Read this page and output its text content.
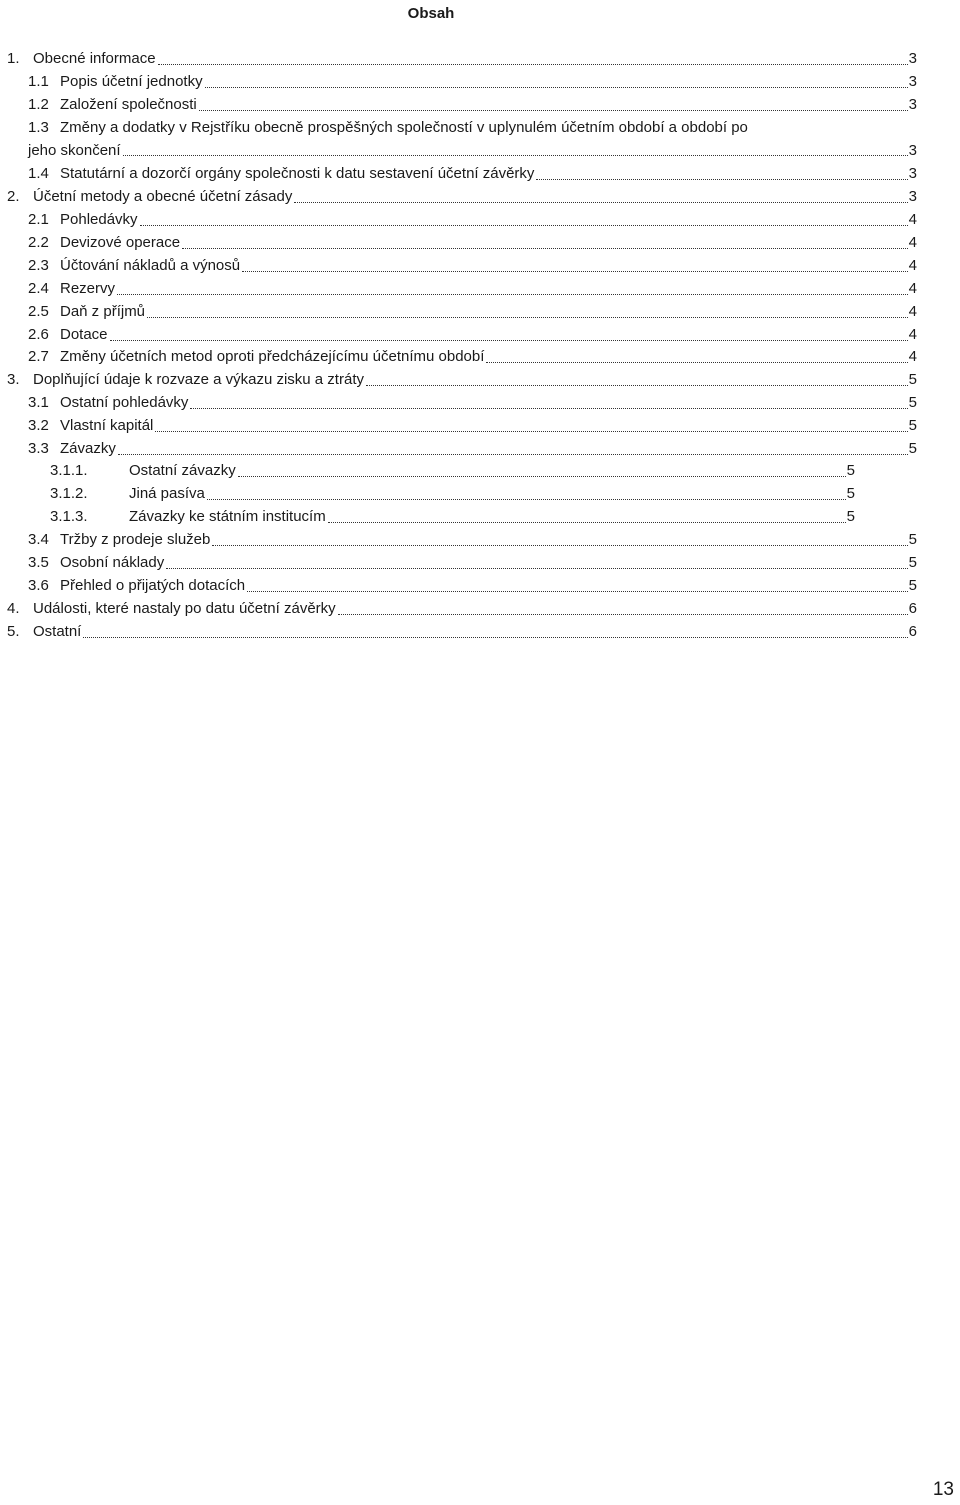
Obsah
1. Obecné informace	3
1.1 Popis účetní jednotky	3
1.2 Založení společnosti	3
1.3 Změny a dodatky v Rejstříku obecně prospěšných společností v uplynulém účetním období a období po
jeho skončení	3
1.4 Statutární a dozorčí orgány společnosti k datu sestavení účetní závěrky	3
2. Účetní metody a obecné účetní zásady	3
2.1 Pohledávky	4
2.2 Devizové operace	4
2.3 Účtování nákladů a výnosů	4
2.4 Rezervy	4
2.5 Daň z příjmů	4
2.6 Dotace	4
2.7 Změny účetních metod oproti předcházejícímu účetnímu období	4
3. Doplňující údaje k rozvaze a výkazu zisku a ztráty	5
3.1 Ostatní pohledávky	5
3.2 Vlastní kapitál	5
3.3 Závazky	5
3.1.1.	Ostatní závazky	5
3.1.2.	Jiná pasíva	5
3.1.3.	Závazky ke státním institucím	5
3.4 Tržby z prodeje služeb	5
3.5 Osobní náklady	5
3.6 Přehled o přijatých dotacích	5
4. Události, které nastaly po datu účetní závěrky	6
5. Ostatní	6
13
